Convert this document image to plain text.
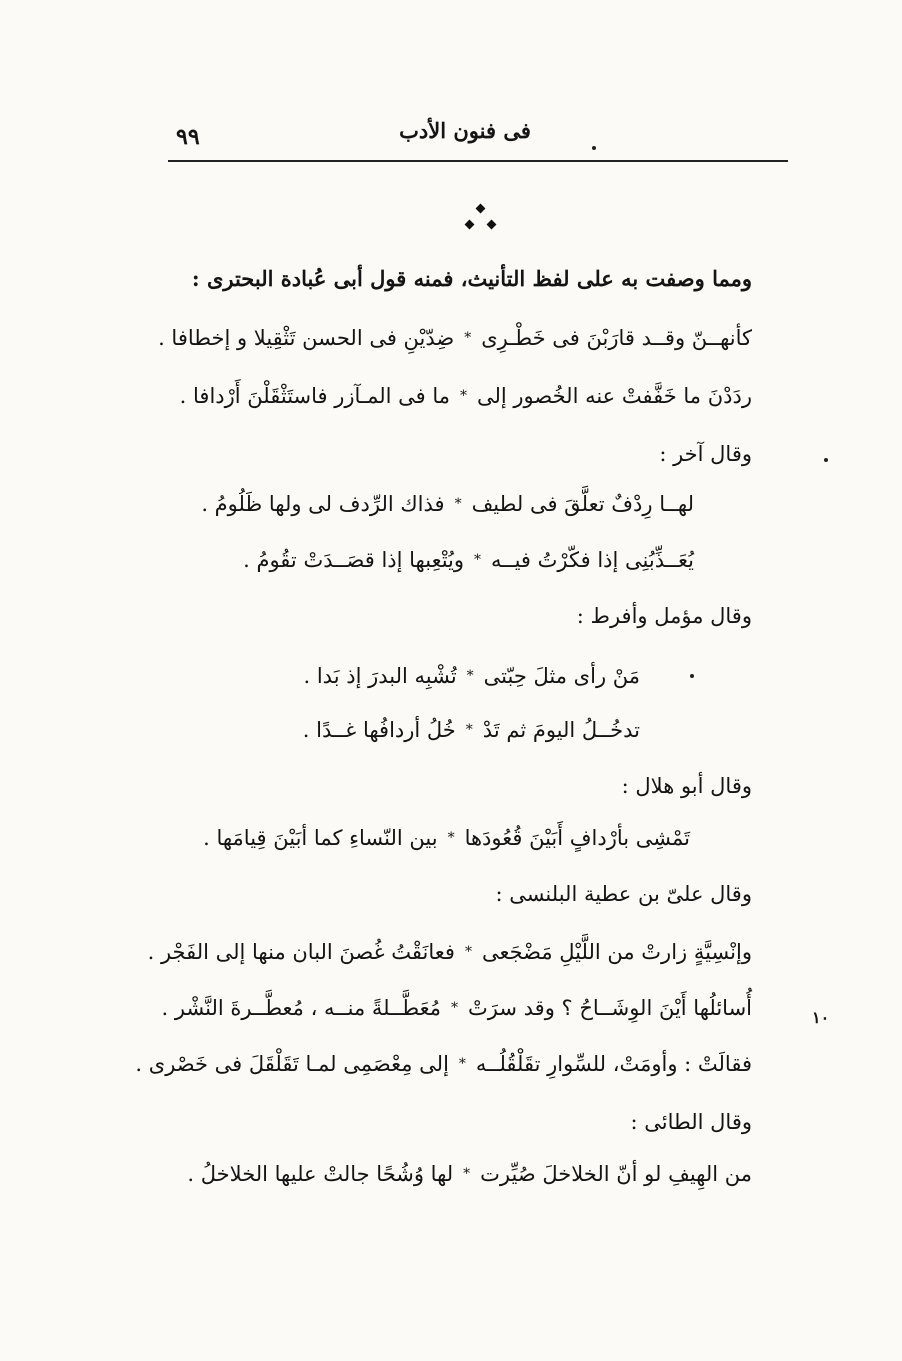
فى فنون الأدب
٩٩
ومما وصفت به على لفظ التأنيث، فمنه قول أبى عُبادة البحترى :
كأنهــنّ وقــد قارَبْنَ فى خَطْـرِى
*
ضِدّيْنِ فى الحسن تَثْقِيلا و إخطافا .
ردَدْنَ ما خَفَّفتْ عنه الخُصور إلى
*
ما فى المـآزر فاستَثْقَلْنَ أَرْدافا .
وقال آخر :
لهــا رِدْفٌ تعلَّقَ فى لطيف
*
فذاك الرِّدف لى ولها ظَلُومُ .
يُعَــذِّبُنِى إذا فكّرْتُ فيــه
*
ويُتْعِبها إذا قصَــدَتْ تقُومُ .
وقال مؤمل وأفرط :
مَنْ رأى مثلَ حِبّتى
*
تُشْبِه البدرَ إذ بَدا .
تدخُــلُ اليومَ ثم تَدْ
*
خُلُ أردافُها غــدًا .
وقال أبو هلال :
تَمْشِى بأرْدافٍ أَبَيْنَ قُعُودَها
*
بين النّساءِ كما أبَيْنَ قِيامَها .
وقال علىّ بن عطية البلنسى :
وإنْسِيَّةٍ زارتْ من اللَّيْلِ مَضْجَعى
*
فعانَقْتُ غُصنَ البان منها إلى الفَجْر .
أُسائلُها أَيْنَ الوِشَــاحُ ؟ وقد سرَتْ
*
مُعَطَّــلةً منــه ، مُعطَّــرةَ النَّشْر .
فقالَتْ : وأومَتْ، للسِّوارِ تقَلْقُلُــه
*
إلى مِعْصَمِى لمـا تَقَلْقَلَ فى خَصْرى .
١٠
وقال الطائى :
من الهِيفِ لو أنّ الخلاخلَ صُيِّرت
*
لها وُشُحًا جالتْ عليها الخلاخلُ .
